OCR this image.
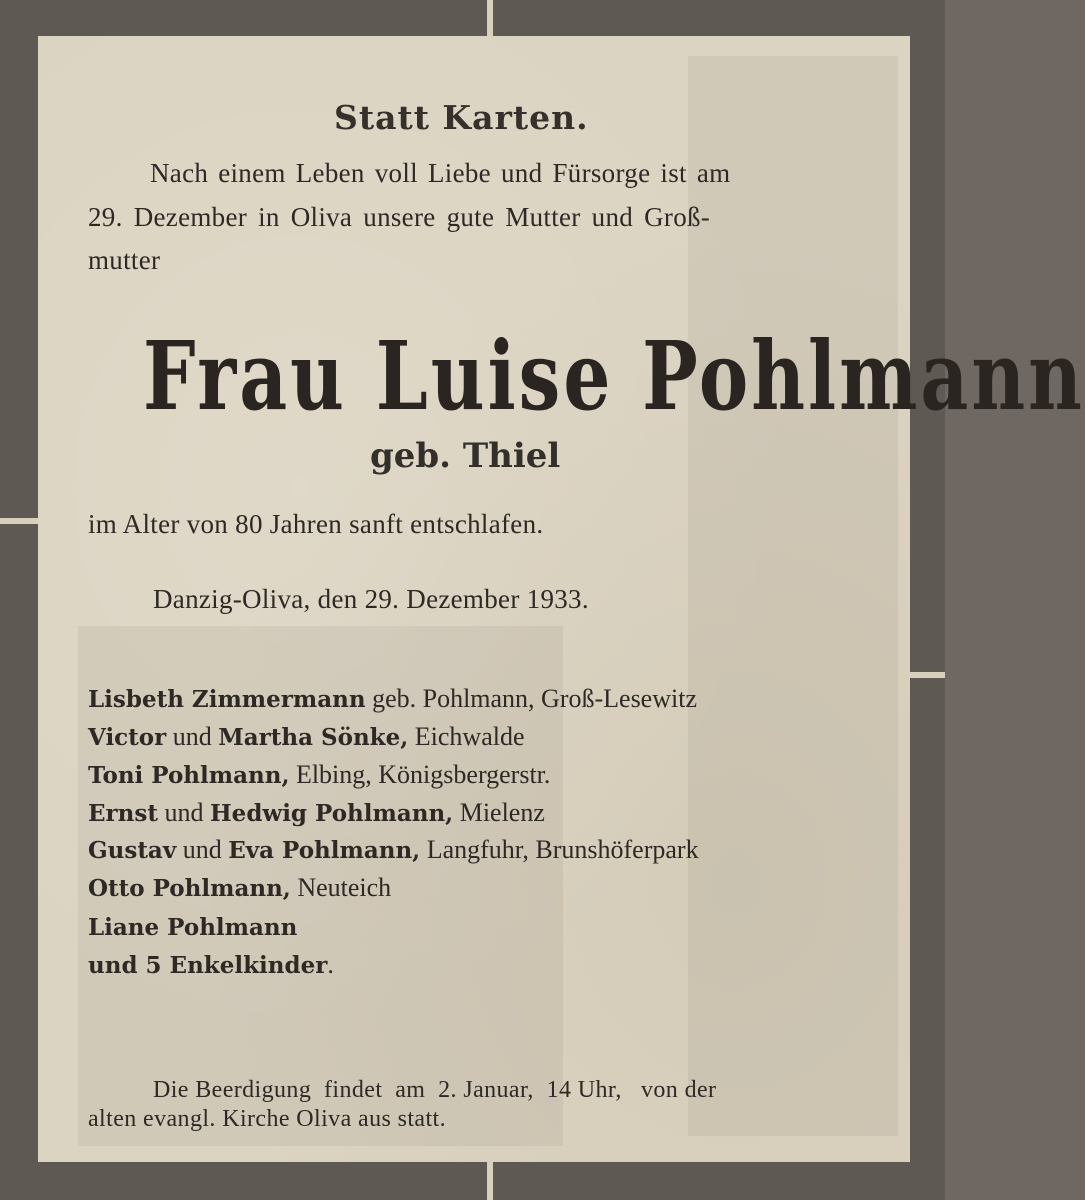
Statt Karten.
Nach einem Leben voll Liebe und Fürsorge ist am
29. Dezember in Oliva unsere gute Mutter und Groß-
mutter
Frau Luise Pohlmann
geb. Thiel
im Alter von 80 Jahren sanft entschlafen.
Danzig-Oliva, den 29. Dezember 1933.
Lisbeth Zimmermann geb. Pohlmann, Groß-Lesewitz
Victor und Martha Sönke, Eichwalde
Toni Pohlmann, Elbing, Königsbergerstr.
Ernst und Hedwig Pohlmann, Mielenz
Gustav und Eva Pohlmann, Langfuhr, Brunshöferpark
Otto Pohlmann, Neuteich
Liane Pohlmann
und 5 Enkelkinder.
Die Beerdigung  findet  am  2. Januar,  14 Uhr,   von der
alten evangl. Kirche Oliva aus statt.
